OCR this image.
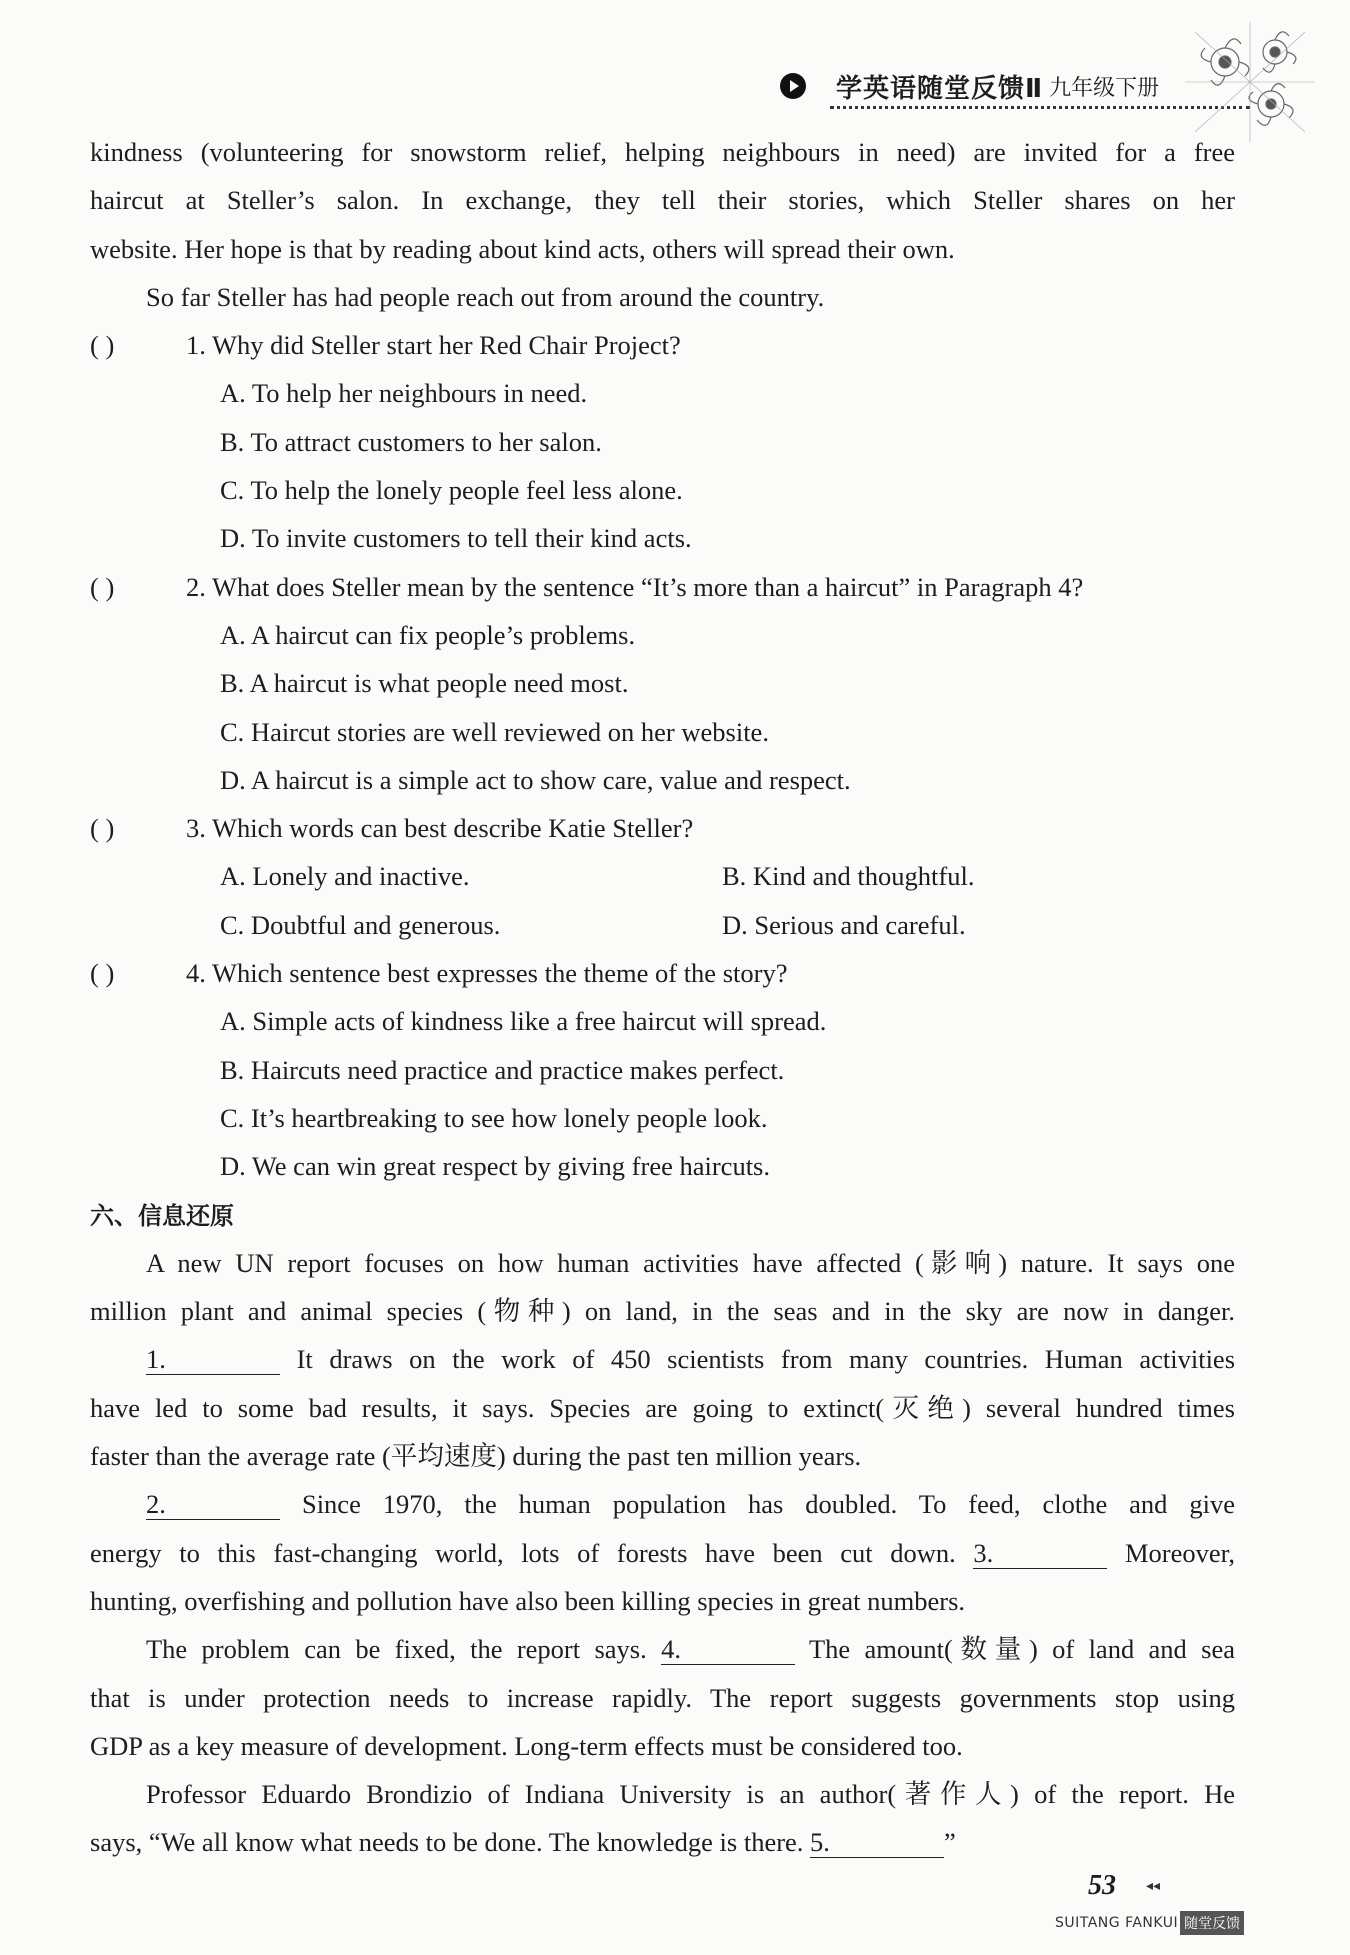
学英语随堂反馈Ⅱ 九年级下册
kindness (volunteering for snowstorm relief, helping neighbours in need) are invited for a free
haircut at Steller’s salon. In exchange, they tell their stories, which Steller shares on her
website. Her hope is that by reading about kind acts, others will spread their own.
So far Steller has had people reach out from around the country.
( )	1. Why did Steller start her Red Chair Project?
A. To help her neighbours in need.
B. To attract customers to her salon.
C. To help the lonely people feel less alone.
D. To invite customers to tell their kind acts.
( )	2. What does Steller mean by the sentence “It’s more than a haircut” in Paragraph 4?
A. A haircut can fix people’s problems.
B. A haircut is what people need most.
C. Haircut stories are well reviewed on her website.
D. A haircut is a simple act to show care, value and respect.
( )	3. Which words can best describe Katie Steller?
A. Lonely and inactive.	B. Kind and thoughtful.
C. Doubtful and generous.	D. Serious and careful.
( )	4. Which sentence best expresses the theme of the story?
A. Simple acts of kindness like a free haircut will spread.
B. Haircuts need practice and practice makes perfect.
C. It’s heartbreaking to see how lonely people look.
D. We can win great respect by giving free haircuts.
六、信息还原
A new UN report focuses on how human activities have affected (影响) nature. It says one
million plant and animal species (物种) on land, in the seas and in the sky are now in danger.
1.	It draws on the work of 450 scientists from many countries. Human activities
have led to some bad results, it says. Species are going to extinct(灭绝) several hundred times
faster than the average rate (平均速度) during the past ten million years.
2.	Since 1970, the human population has doubled. To feed, clothe and give
energy to this fast-changing world, lots of forests have been cut down. 3.	Moreover,
hunting, overfishing and pollution have also been killing species in great numbers.
The problem can be fixed, the report says. 4.	The amount(数量) of land and sea
that is under protection needs to increase rapidly. The report suggests governments stop using
GDP as a key measure of development. Long-term effects must be considered too.
Professor Eduardo Brondizio of Indiana University is an author(著作人) of the report. He
says, “We all know what needs to be done. The knowledge is there. 5.	”
53 ◂◂
SUITANG FANKUI 随堂反馈
